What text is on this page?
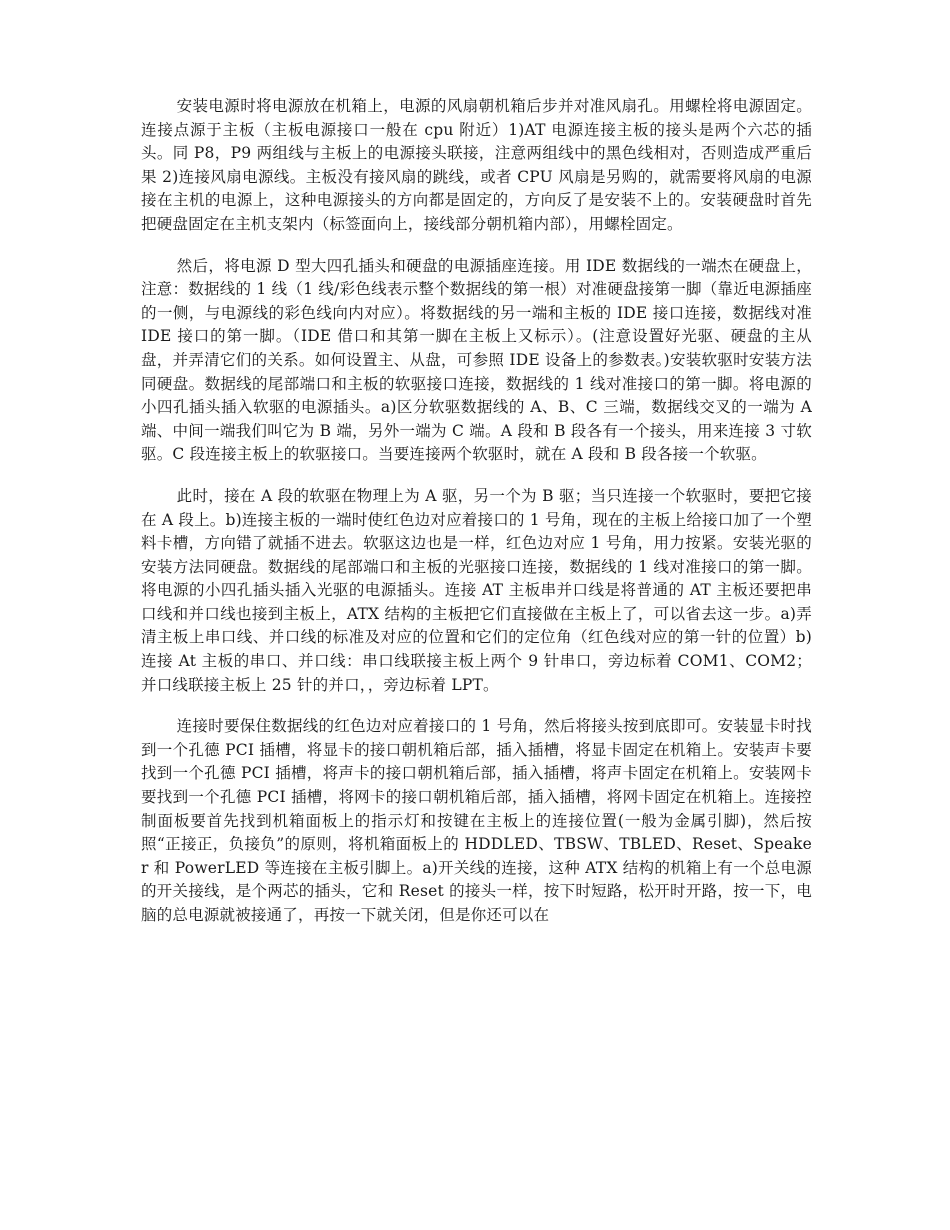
安装电源时将电源放在机箱上，电源的风扇朝机箱后步并对准风扇孔。用螺栓将电源固定。连接点源于主板（主板电源接口一般在 cpu 附近）1)AT 电源连接主板的接头是两个六芯的插头。同 P8，P9 两组线与主板上的电源接头联接，注意两组线中的黑色线相对，否则造成严重后果 2)连接风扇电源线。主板没有接风扇的跳线，或者 CPU 风扇是另购的，就需要将风扇的电源接在主机的电源上，这种电源接头的方向都是固定的，方向反了是安装不上的。安装硬盘时首先把硬盘固定在主机支架内（标签面向上，接线部分朝机箱内部），用螺栓固定。

然后，将电源 D 型大四孔插头和硬盘的电源插座连接。用 IDE 数据线的一端杰在硬盘上，注意：数据线的 1 线（1 线/彩色线表示整个数据线的第一根）对准硬盘接第一脚（靠近电源插座的一侧，与电源线的彩色线向内对应）。将数据线的另一端和主板的 IDE 接口连接，数据线对准 IDE 接口的第一脚。（IDE 借口和其第一脚在主板上又标示）。(注意设置好光驱、硬盘的主从盘，并弄清它们的关系。如何设置主、从盘，可参照 IDE 设备上的参数表。)安装软驱时安装方法同硬盘。数据线的尾部端口和主板的软驱接口连接，数据线的 1 线对准接口的第一脚。将电源的小四孔插头插入软驱的电源插头。a)区分软驱数据线的 A、B、C 三端，数据线交叉的一端为 A 端、中间一端我们叫它为 B 端，另外一端为 C 端。A 段和 B 段各有一个接头，用来连接 3 寸软驱。C 段连接主板上的软驱接口。当要连接两个软驱时，就在 A 段和 B 段各接一个软驱。

此时，接在 A 段的软驱在物理上为 A 驱，另一个为 B 驱；当只连接一个软驱时，要把它接在 A 段上。b)连接主板的一端时使红色边对应着接口的 1 号角，现在的主板上给接口加了一个塑料卡槽，方向错了就插不进去。软驱这边也是一样，红色边对应 1 号角，用力按紧。安装光驱的安装方法同硬盘。数据线的尾部端口和主板的光驱接口连接，数据线的 1 线对准接口的第一脚。将电源的小四孔插头插入光驱的电源插头。连接 AT 主板串并口线是将普通的 AT 主板还要把串口线和并口线也接到主板上，ATX 结构的主板把它们直接做在主板上了，可以省去这一步。a)弄清主板上串口线、并口线的标准及对应的位置和它们的定位角（红色线对应的第一针的位置）b)连接 At 主板的串口、并口线：串口线联接主板上两个 9 针串口，旁边标着 COM1、COM2；并口线联接主板上 25 针的并口，，旁边标着 LPT。

连接时要保住数据线的红色边对应着接口的 1 号角，然后将接头按到底即可。安装显卡时找到一个孔德 PCI 插槽，将显卡的接口朝机箱后部，插入插槽，将显卡固定在机箱上。安装声卡要找到一个孔德 PCI 插槽，将声卡的接口朝机箱后部，插入插槽，将声卡固定在机箱上。安装网卡要找到一个孔德 PCI 插槽，将网卡的接口朝机箱后部，插入插槽，将网卡固定在机箱上。连接控制面板要首先找到机箱面板上的指示灯和按键在主板上的连接位置(一般为金属引脚)，然后按照“正接正，负接负”的原则，将机箱面板上的 HDDLED、TBSW、TBLED、Reset、Speaker 和 PowerLED 等连接在主板引脚上。a)开关线的连接，这种 ATX 结构的机箱上有一个总电源的开关接线，是个两芯的插头，它和 Reset 的接头一样，按下时短路，松开时开路，按一下，电脑的总电源就被接通了，再按一下就关闭，但是你还可以在
